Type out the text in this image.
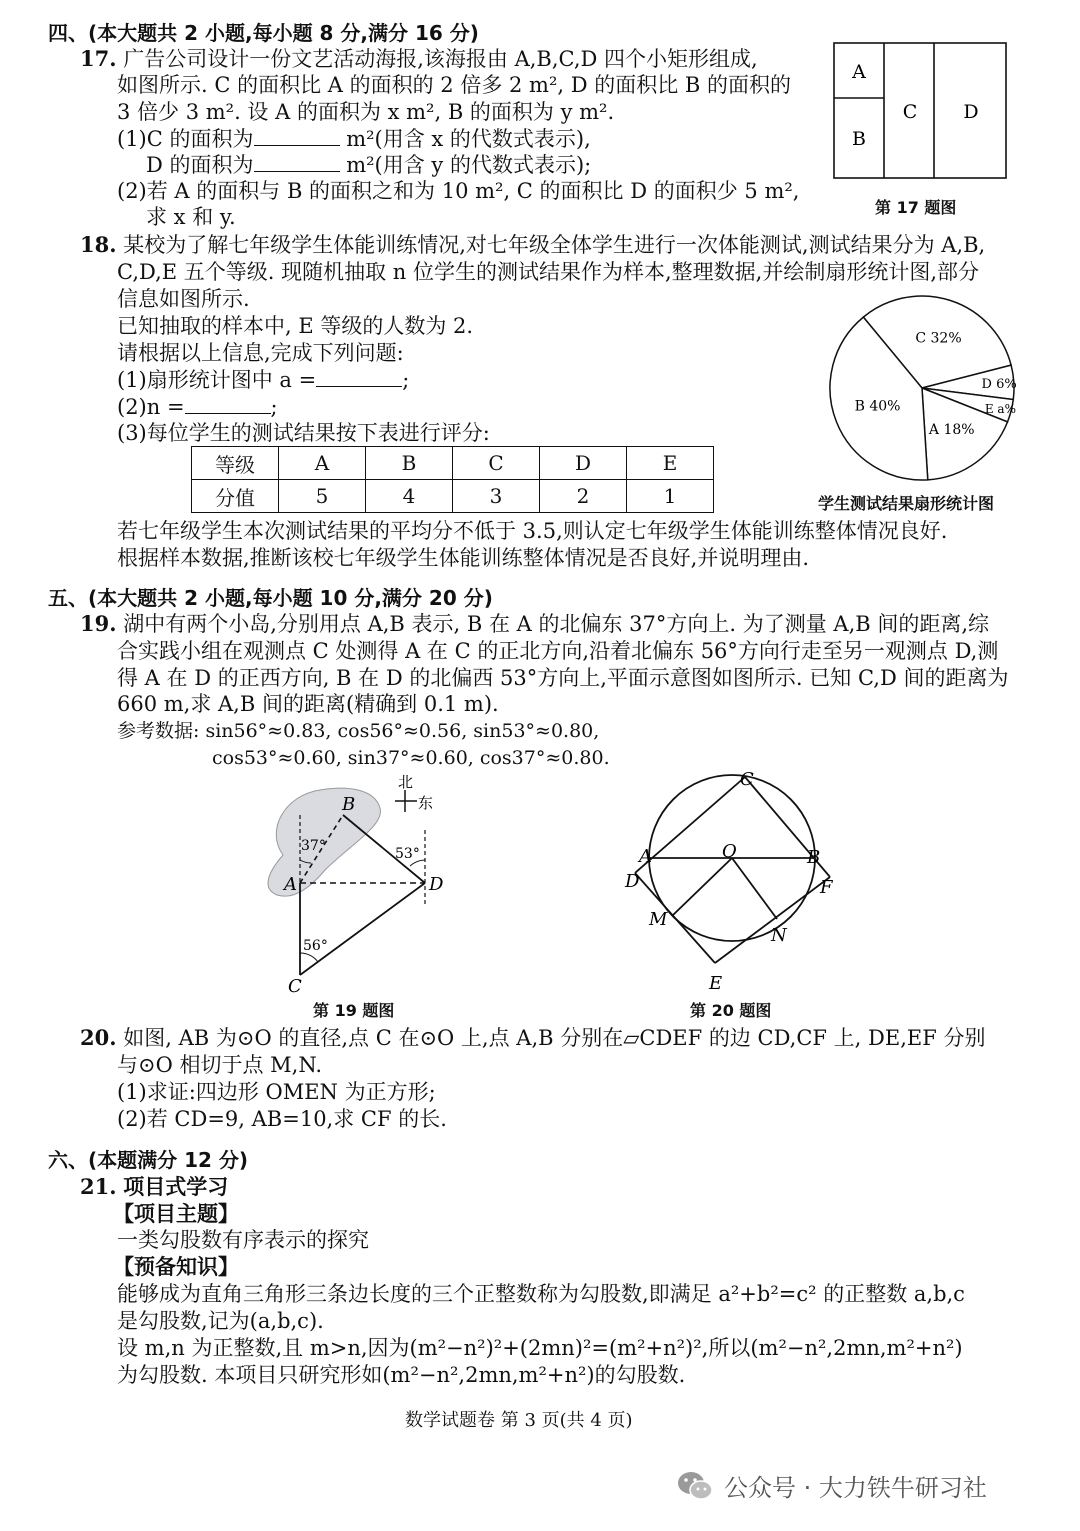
四、(本大题共 2 小题,每小题 8 分,满分 16 分)
17. 广告公司设计一份文艺活动海报,该海报由 A,B,C,D 四个小矩形组成,
如图所示. C 的面积比 A 的面积的 2 倍多 2 m², D 的面积比 B 的面积的
3 倍少 3 m². 设 A 的面积为 x m², B 的面积为 y m².
(1)C 的面积为	m²(用含 x 的代数式表示),
D 的面积为	m²(用含 y 的代数式表示);
(2)若 A 的面积与 B 的面积之和为 10 m², C 的面积比 D 的面积少 5 m²,
求 x 和 y.
A
B
C D
第 17 题图
18. 某校为了解七年级学生体能训练情况,对七年级全体学生进行一次体能测试,测试结果分为 A,B,
C,D,E 五个等级. 现随机抽取 n 位学生的测试结果作为样本,整理数据,并绘制扇形统计图,部分
信息如图所示.
已知抽取的样本中, E 等级的人数为 2.
请根据以上信息,完成下列问题:
(1)扇形统计图中 a =	;
(2)n =	;
(3)每位学生的测试结果按下表进行评分:
等级	A	B	C	D	E
分值	5	4	3	2	1
若七年级学生本次测试结果的平均分不低于 3.5,则认定七年级学生体能训练整体情况良好.
根据样本数据,推断该校七年级学生体能训练整体情况是否良好,并说明理由.
C 32%
D 6%
E a%
A 18%
B 40%
学生测试结果扇形统计图
五、(本大题共 2 小题,每小题 10 分,满分 20 分)
19. 湖中有两个小岛,分别用点 A,B 表示, B 在 A 的北偏东 37°方向上. 为了测量 A,B 间的距离,综
合实践小组在观测点 C 处测得 A 在 C 的正北方向,沿着北偏东 56°方向行走至另一观测点 D,测
得 A 在 D 的正西方向, B 在 D 的北偏西 53°方向上,平面示意图如图所示. 已知 C,D 间的距离为
660 m,求 A,B 间的距离(精确到 0.1 m).
参考数据: sin56°≈0.83, cos56°≈0.56, sin53°≈0.80,
cos53°≈0.60, sin37°≈0.60, cos37°≈0.80.
北
东
B
A	D
C
37°	53°
56°
第 19 题图
C
A	O	B
D	F
M
N
E
第 20 题图
20. 如图, AB 为⊙O 的直径,点 C 在⊙O 上,点 A,B 分别在▱CDEF 的边 CD,CF 上, DE,EF 分别
与⊙O 相切于点 M,N.
(1)求证:四边形 OMEN 为正方形;
(2)若 CD=9, AB=10,求 CF 的长.
六、(本题满分 12 分)
21. 项目式学习
【项目主题】
一类勾股数有序表示的探究
【预备知识】
能够成为直角三角形三条边长度的三个正整数称为勾股数,即满足 a²+b²=c² 的正整数 a,b,c
是勾股数,记为(a,b,c).
设 m,n 为正整数,且 m>n,因为(m²−n²)²+(2mn)²=(m²+n²)²,所以(m²−n²,2mn,m²+n²)
为勾股数. 本项目只研究形如(m²−n²,2mn,m²+n²)的勾股数.
数学试题卷 第 3 页(共 4 页)
公众号 · 大力铁牛研习社
